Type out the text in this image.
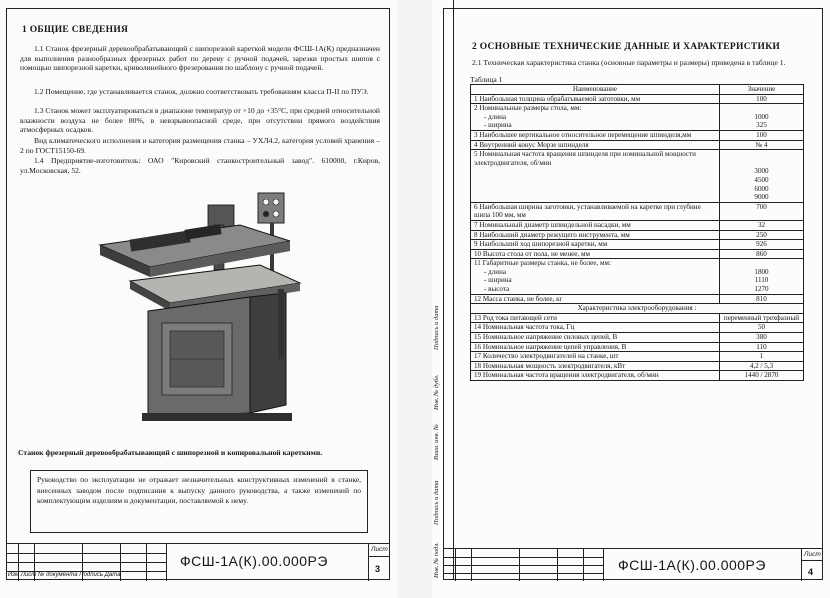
1 ОБЩИЕ СВЕДЕНИЯ

1.1 Станок фрезерный деревообрабатывающий с шипорезной кареткой модели ФСШ-1А(К) предназначен для выполнения разнообразных фрезерных работ по дереву с ручной подачей, зарезки простых шипов с помощью шипорезной каретки, криволинейного фрезерования по шаблону с ручной подачей.

1.2 Помещение, где устанавливается станок, должно соответствовать требованиям класса П-II по ПУЭ.

1.3 Станок может эксплуатироваться в диапазоне температур от +10 до +35°С, при средней относительной влажности воздуха не более 80%, в невзрывоопасной среде, при отсутствии прямого воздействия атмосферных осадков.

Вид климатического исполнения и категория размещения станка – УХЛ4.2, категория условий хранения – 2 по ГОСТ15150-69.

1.4 Предприятие-изготовитель: ОАО "Кировский станкостроительный завод". 610000, г.Киров, ул.Московская, 52.

Станок фрезерный деревообрабатывающий с шипорезной и копировальной кареткими.
Руководство по эксплуатации не отражает незначительных конструктивных изменений в станке, внесенных заводом после подписания к выпуску данного руководства, а также изменений по комплектующим изделиям и документации, поставляемой к нему.
ФСШ-1А(К).00.000РЭ
Лист
3
Изм Лист № документа Подпись Дата
Подпись и дата
Инв. № дубл.
Взам. инв. №
Подпись и дата
Инв. № подл.
2 ОСНОВНЫЕ ТЕХНИЧЕСКИЕ ДАННЫЕ И ХАРАКТЕРИСТИКИ

2.1 Техническая характеристика станка (основные параметры и размеры) приведена в таблице 1.

Таблица 1
Наименование	Значение
1 Наибольшая толщина обрабатываемой заготовки, мм	100

2 Номинальные размеры стола, мм:
- длина
- ширина	1000
325

3 Наибольшее вертикальное относительное перемещение шпинделя,мм	100

4 Внутренний конус Морзе шпинделя	№ 4

5 Номинальная частота вращения шпинделя при номинальной мощности электродвигателя, об/мин	3000
4500
6000
9000

6 Наибольшая ширина заготовки, устанавливаемой на каретке при глубине шипа 100 мм, мм	700

7 Номинальный диаметр шпиндельной насадки, мм	32

8 Наибольший диаметр режущего инструмента, мм	250

9 Наибольший ход шипорезной каретки, мм	926

10 Высота стола от пола, не менее, мм	860

11 Габаритные размеры станка, не более, мм:
- длина
- ширина
- высота	1800
1110
1270

12 Масса станка, не более, кг	810

Характеристика электрооборудования :	
13 Род тока питающей сети	переменный трехфазный

14 Номинальная частота тока, Гц	50

15 Номинальное напряжение силовых цепей, В	380

16 Номинальное напряжение цепей управления, В	110

17 Количество электродвигателей на станке, шт	1

18 Номинальная мощность электродвигателя, кВт	4,2 / 5,3

19 Номинальная частота вращения электродвигателя, об/мин	1440 / 2870
ФСШ-1А(К).00.000РЭ
Лист
4
